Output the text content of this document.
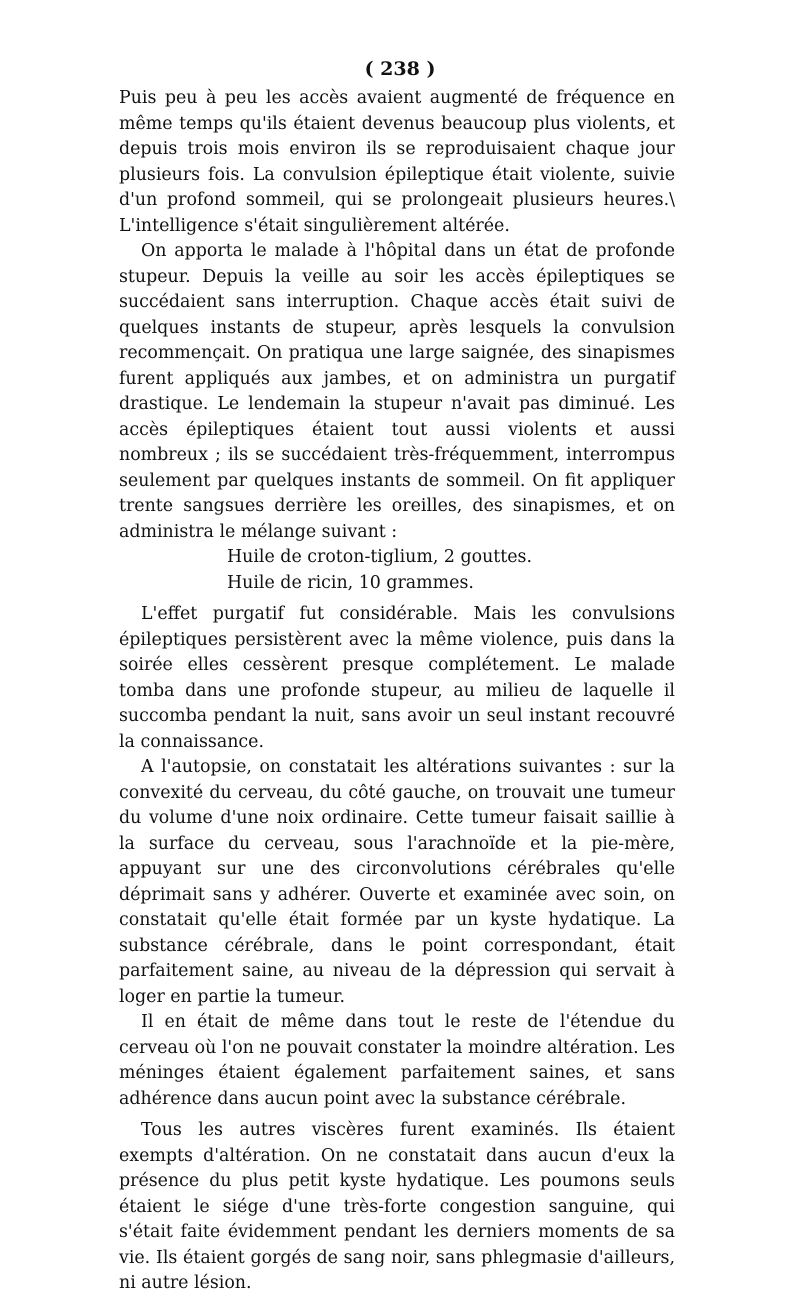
( 238 )

Puis peu à peu les accès avaient augmenté de fréquence en même temps qu'ils étaient devenus beaucoup plus violents, et depuis trois mois environ ils se reproduisaient chaque jour plusieurs fois. La convulsion épileptique était violente, suivie d'un profond sommeil, qui se prolongeait plusieurs heures.\ L'intelligence s'était singulièrement altérée.

On apporta le malade à l'hôpital dans un état de profonde stupeur. Depuis la veille au soir les accès épileptiques se succédaient sans interruption. Chaque accès était suivi de quelques instants de stupeur, après lesquels la convulsion recommençait. On pratiqua une large saignée, des sinapismes furent appliqués aux jambes, et on administra un purgatif drastique. Le lendemain la stupeur n'avait pas diminué. Les accès épileptiques étaient tout aussi violents et aussi nombreux ; ils se succédaient très-fréquemment, interrompus seulement par quelques instants de sommeil. On fit appliquer trente sangsues derrière les oreilles, des sinapismes, et on administra le mélange suivant :

Huile de croton-tiglium, 2 gouttes.
Huile de ricin, 10 grammes.

L'effet purgatif fut considérable. Mais les convulsions épileptiques persistèrent avec la même violence, puis dans la soirée elles cessèrent presque complétement. Le malade tomba dans une profonde stupeur, au milieu de laquelle il succomba pendant la nuit, sans avoir un seul instant recouvré la connaissance.

A l'autopsie, on constatait les altérations suivantes : sur la convexité du cerveau, du côté gauche, on trouvait une tumeur du volume d'une noix ordinaire. Cette tumeur faisait saillie à la surface du cerveau, sous l'arachnoïde et la pie-mère, appuyant sur une des circonvolutions cérébrales qu'elle déprimait sans y adhérer. Ouverte et examinée avec soin, on constatait qu'elle était formée par un kyste hydatique. La substance cérébrale, dans le point correspondant, était parfaitement saine, au niveau de la dépression qui servait à loger en partie la tumeur.

Il en était de même dans tout le reste de l'étendue du cerveau où l'on ne pouvait constater la moindre altération. Les méninges étaient également parfaitement saines, et sans adhérence dans aucun point avec la substance cérébrale.

Tous les autres viscères furent examinés. Ils étaient exempts d'altération. On ne constatait dans aucun d'eux la présence du plus petit kyste hydatique. Les poumons seuls étaient le siége d'une très-forte congestion sanguine, qui s'était faite évidemment pendant les derniers moments de sa vie. Ils étaient gorgés de sang noir, sans phlegmasie d'ailleurs, ni autre lésion.
